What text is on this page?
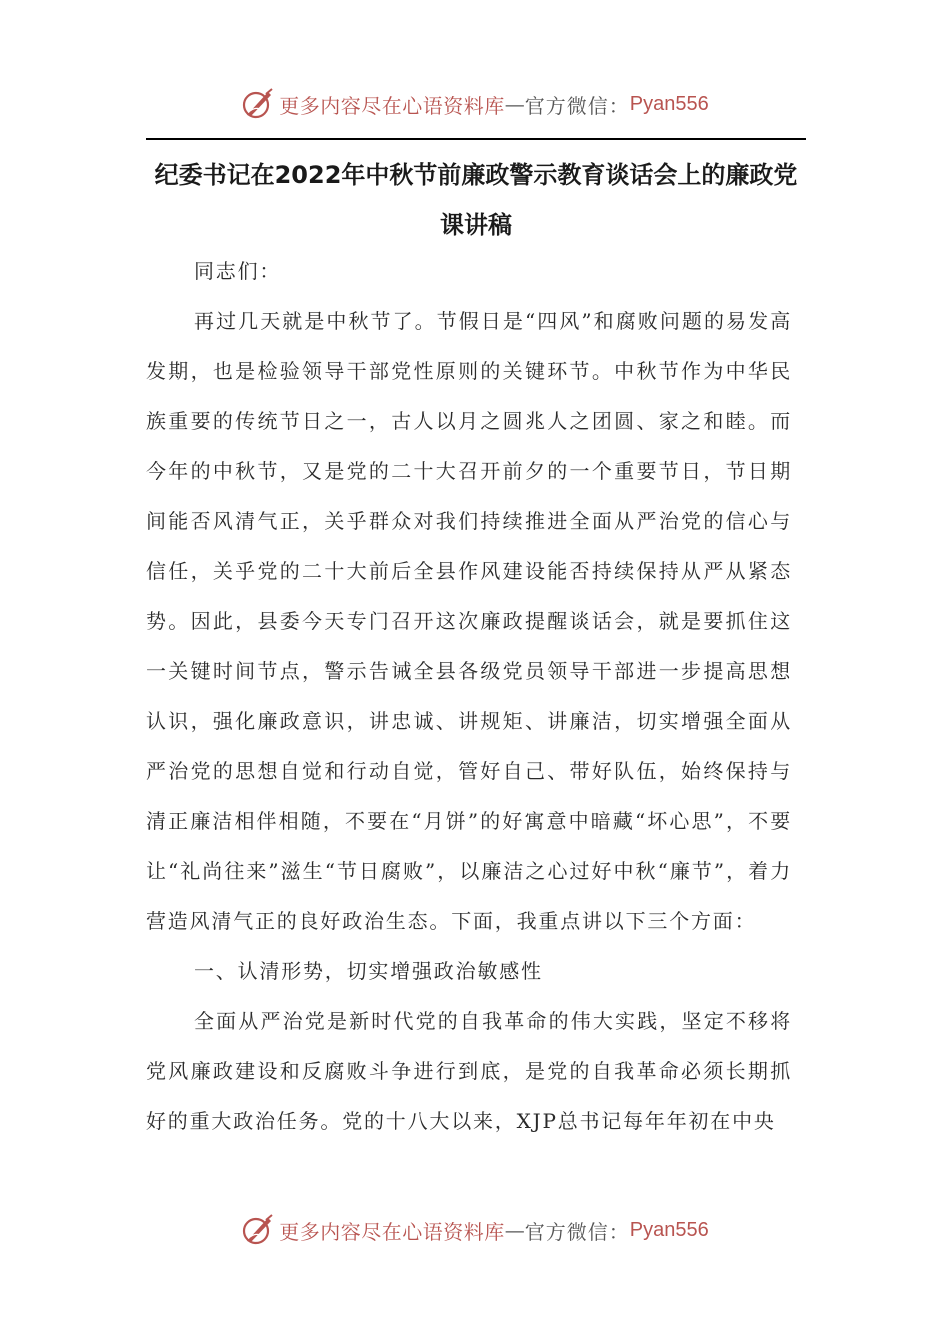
更多内容尽在心语资料库 — 官方微信： Pyan556
纪委书记在2022年中秋节前廉政警示教育谈话会上的廉政党课讲稿

同志们：

再过几天就是中秋节了。节假日是“四风”和腐败问题的易发高发期，也是检验领导干部党性原则的关键环节。中秋节作为中华民族重要的传统节日之一，古人以月之圆兆人之团圆、家之和睦。而今年的中秋节，又是党的二十大召开前夕的一个重要节日，节日期间能否风清气正，关乎群众对我们持续推进全面从严治党的信心与信任，关乎党的二十大前后全县作风建设能否持续保持从严从紧态势。因此，县委今天专门召开这次廉政提醒谈话会，就是要抓住这一关键时间节点，警示告诫全县各级党员领导干部进一步提高思想认识，强化廉政意识，讲忠诚、讲规矩、讲廉洁，切实增强全面从严治党的思想自觉和行动自觉，管好自己、带好队伍，始终保持与清正廉洁相伴相随，不要在“月饼”的好寓意中暗藏“坏心思”，不要让“礼尚往来”滋生“节日腐败”，以廉洁之心过好中秋“廉节”，着力营造风清气正的良好政治生态。下面，我重点讲以下三个方面：

一、认清形势，切实增强政治敏感性

全面从严治党是新时代党的自我革命的伟大实践，坚定不移将党风廉政建设和反腐败斗争进行到底，是党的自我革命必须长期抓好的重大政治任务。党的十八大以来，XJP总书记每年年初在中央

更多内容尽在心语资料库 — 官方微信： Pyan556
